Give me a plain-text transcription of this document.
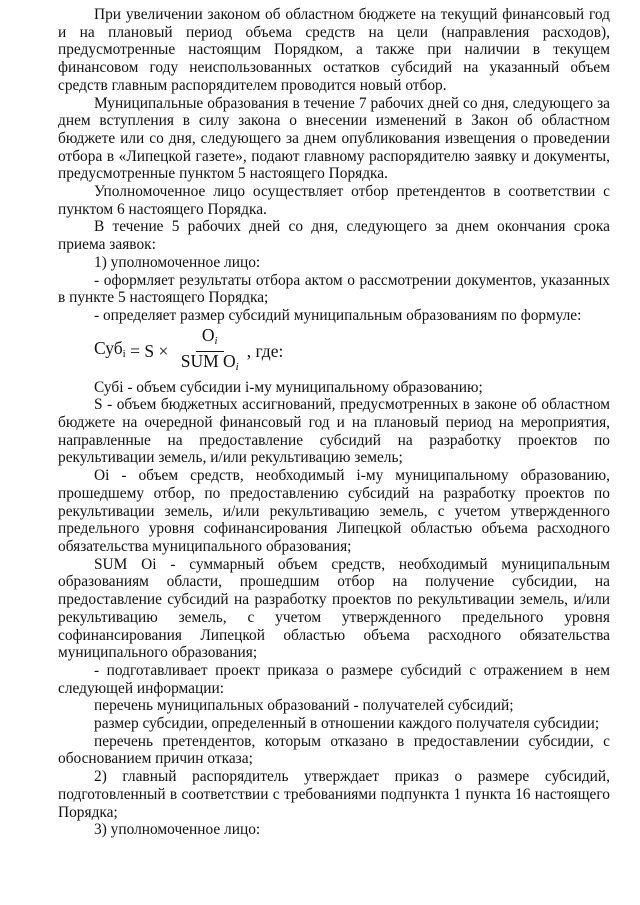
При увеличении законом об областном бюджете на текущий финансовый год и на плановый период объема средств на цели (направления расходов), предусмотренные настоящим Порядком, а также при наличии в текущем финансовом году неиспользованных остатков субсидий на указанный объем средств главным распорядителем проводится новый отбор.

Муниципальные образования в течение 7 рабочих дней со дня, следующего за днем вступления в силу закона о внесении изменений в Закон об областном бюджете или со дня, следующего за днем опубликования извещения о проведении отбора в «Липецкой газете», подают главному распорядителю заявку и документы, предусмотренные пунктом 5 настоящего Порядка.

Уполномоченное лицо осуществляет отбор претендентов в соответствии с пунктом 6 настоящего Порядка.

В течение 5 рабочих дней со дня, следующего за днем окончания срока приема заявок:

1) уполномоченное лицо:

- оформляет результаты отбора актом о рассмотрении документов, указанных в пункте 5 настоящего Порядка;

- определяет размер субсидий муниципальным образованиям по формуле:

$Суб_i = S \times \frac{Oi}{\text{SUM Oi}}$ , где:

Субi - объем субсидии i-му муниципальному образованию;

S - объем бюджетных ассигнований, предусмотренных в законе об областном бюджете на очередной финансовый год и на плановый период на мероприятия, направленные на предоставление субсидий на разработку проектов по рекультивации земель, и/или рекультивацию земель;

Oi - объем средств, необходимый i-му муниципальному образованию, прошедшему отбор, по предоставлению субсидий на разработку проектов по рекультивации земель, и/или рекультивацию земель, с учетом утвержденного предельного уровня софинансирования Липецкой областью объема расходного обязательства муниципального образования;

SUM Oi - суммарный объем средств, необходимый муниципальным образованиям области, прошедшим отбор на получение субсидии, на предоставление субсидий на разработку проектов по рекультивации земель, и/или рекультивацию земель, с учетом утвержденного предельного уровня софинансирования Липецкой областью объема расходного обязательства муниципального образования;

- подготавливает проект приказа о размере субсидий с отражением в нем следующей информации:

перечень муниципальных образований - получателей субсидий;

размер субсидии, определенный в отношении каждого получателя субсидии;

перечень претендентов, которым отказано в предоставлении субсидии, с обоснованием причин отказа;

2) главный распорядитель утверждает приказ о размере субсидий, подготовленный в соответствии с требованиями подпункта 1 пункта 16 настоящего Порядка;

3) уполномоченное лицо:
